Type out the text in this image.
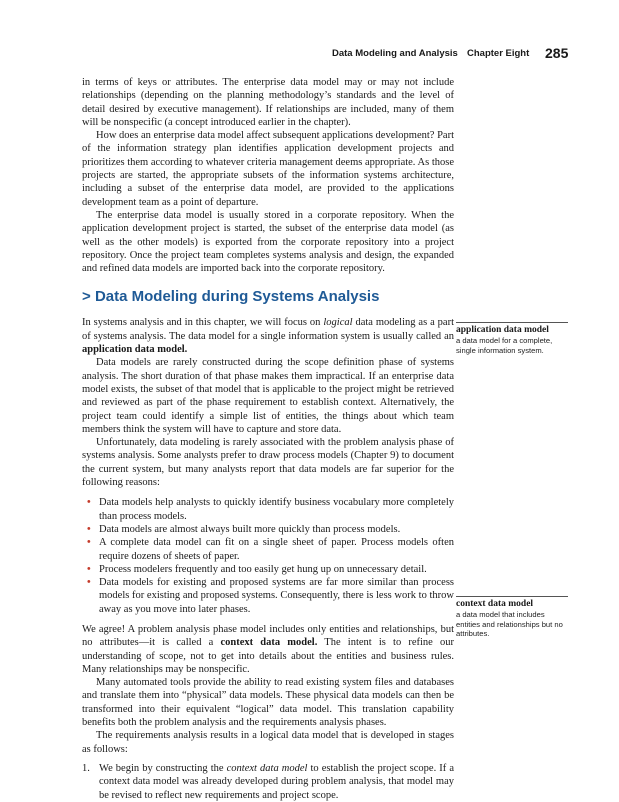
Data Modeling and Analysis Chapter Eight 285

in terms of keys or attributes. The enterprise data model may or may not include relationships (depending on the planning methodology’s standards and the level of detail desired by executive management). If relationships are included, many of them will be nonspecific (a concept introduced earlier in the chapter).

How does an enterprise data model affect subsequent applications development? Part of the information strategy plan identifies application development projects and prioritizes them according to whatever criteria management deems appropriate. As those projects are started, the appropriate subsets of the information systems architecture, including a subset of the enterprise data model, are provided to the applications development team as a point of departure.

The enterprise data model is usually stored in a corporate repository. When the application development project is started, the subset of the enterprise data model (as well as the other models) is exported from the corporate repository into a project repository. Once the project team completes systems analysis and design, the expanded and refined data models are imported back into the corporate repository.

> Data Modeling during Systems Analysis

In systems analysis and in this chapter, we will focus on logical data modeling as a part of systems analysis. The data model for a single information system is usually called an application data model.

Data models are rarely constructed during the scope definition phase of systems analysis. The short duration of that phase makes them impractical. If an enterprise data model exists, the subset of that model that is applicable to the project might be retrieved and reviewed as part of the phase requirement to establish context. Alternatively, the project team could identify a simple list of entities, the things about which team members think the system will have to capture and store data.

Unfortunately, data modeling is rarely associated with the problem analysis phase of systems analysis. Some analysts prefer to draw process models (Chapter 9) to document the current system, but many analysts report that data models are far superior for the following reasons:

• Data models help analysts to quickly identify business vocabulary more completely than process models.
• Data models are almost always built more quickly than process models.
• A complete data model can fit on a single sheet of paper. Process models often require dozens of sheets of paper.
• Process modelers frequently and too easily get hung up on unnecessary detail.
• Data models for existing and proposed systems are far more similar than process models for existing and proposed systems. Consequently, there is less work to throw away as you move into later phases.

We agree! A problem analysis phase model includes only entities and relationships, but no attributes—it is called a context data model. The intent is to refine our understanding of scope, not to get into details about the entities and business rules. Many relationships may be nonspecific.

Many automated tools provide the ability to read existing system files and databases and translate them into “physical” data models. These physical data models can then be transformed into their equivalent “logical” data model. This translation capability benefits both the problem analysis and the requirements analysis phases.

The requirements analysis results in a logical data model that is developed in stages as follows:

1. We begin by constructing the context data model to establish the project scope. If a context data model was already developed during problem analysis, that model may be revised to reflect new requirements and project scope.
application data model
a data model for a complete, single information system.
context data model
a data model that includes entities and relationships but no attributes.
